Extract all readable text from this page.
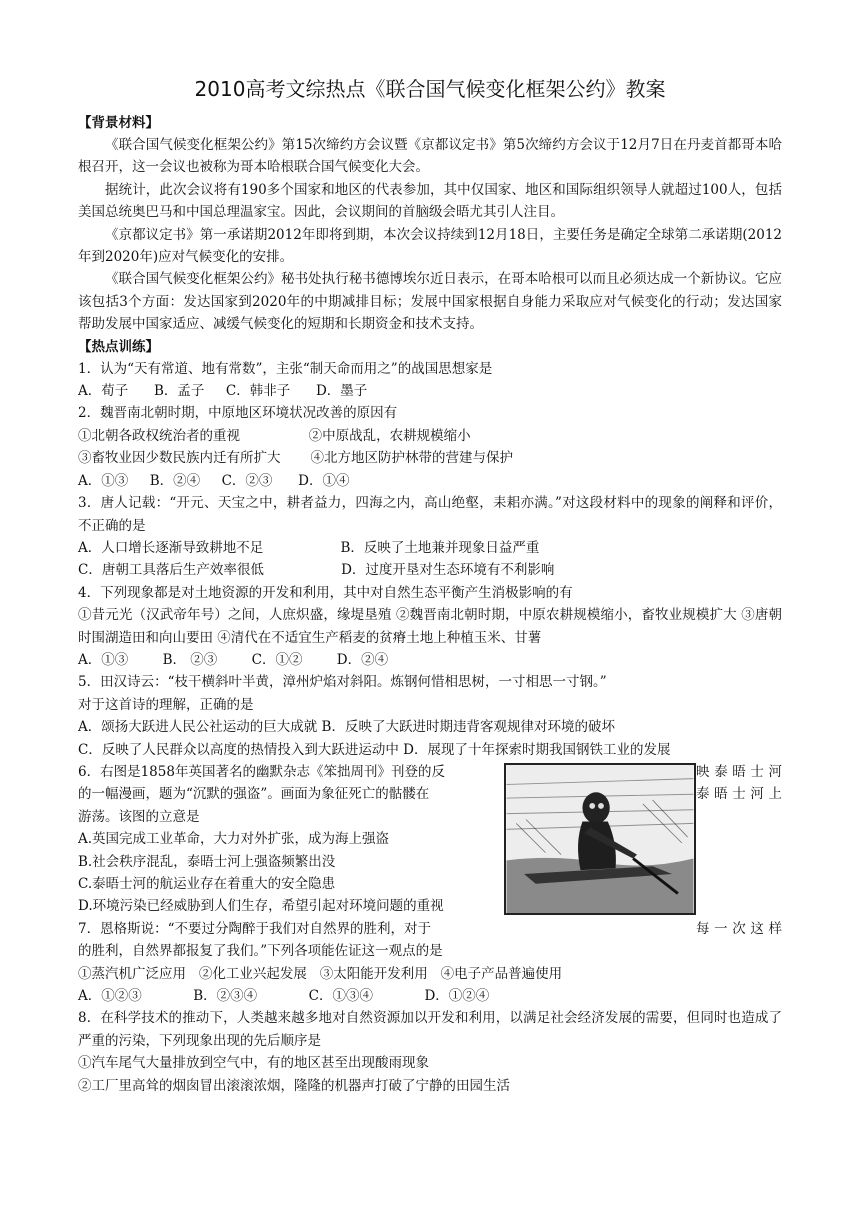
2010高考文综热点《联合国气候变化框架公约》教案
【背景材料】

《联合国气候变化框架公约》第15次缔约方会议暨《京都议定书》第5次缔约方会议于12月7日在丹麦首都哥本哈根召开，这一会议也被称为哥本哈根联合国气候变化大会。

据统计，此次会议将有190多个国家和地区的代表参加，其中仅国家、地区和国际组织领导人就超过100人，包括美国总统奥巴马和中国总理温家宝。因此，会议期间的首脑级会晤尤其引人注目。

《京都议定书》第一承诺期2012年即将到期，本次会议持续到12月18日，主要任务是确定全球第二承诺期(2012年到2020年)应对气候变化的安排。

《联合国气候变化框架公约》秘书处执行秘书德博埃尔近日表示，在哥本哈根可以而且必须达成一个新协议。它应该包括3个方面：发达国家到2020年的中期减排目标；发展中国家根据自身能力采取应对气候变化的行动；发达国家帮助发展中国家适应、减缓气候变化的短期和长期资金和技术支持。

【热点训练】

1．认为“天有常道、地有常数”，主张“制天命而用之”的战国思想家是

A．荀子      B．孟子     C．韩非子      D．墨子

2．魏晋南北朝时期，中原地区环境状况改善的原因有

①北朝各政权统治者的重视                ②中原战乱，农耕规模缩小
③畜牧业因少数民族内迁有所扩大       ④北方地区防护林带的营建与保护
A．①③     B．②④     C．②③      D．①④

3．唐人记载：“开元、天宝之中，耕者益力，四海之内，高山绝壑，耒耜亦满。”对这段材料中的现象的阐释和评价，不正确的是

A．人口增长逐渐导致耕地不足                  B．反映了土地兼并现象日益严重
C．唐朝工具落后生产效率很低                  D．过度开垦对生态环境有不利影响

4．下列现象都是对土地资源的开发和利用，其中对自然生态平衡产生消极影响的有

①昔元光（汉武帝年号）之间，人庶炽盛，缘堤垦殖 ②魏晋南北朝时期，中原农耕规模缩小，畜牧业规模扩大 ③唐朝时围湖造田和向山要田 ④清代在不适宜生产稻麦的贫瘠土地上种植玉米、甘薯

A．①③        B． ②③        C．①②        D．②④

5．田汉诗云：“枝干横斜叶半黄，漳州炉焰对斜阳。炼钢何惜相思树，一寸相思一寸钢。”

对于这首诗的理解，正确的是

A．颂扬大跃进人民公社运动的巨大成就 B．反映了大跃进时期违背客观规律对环境的破坏
C．反映了人民群众以高度的热情投入到大跃进运动中 D．展现了十年探索时期我国钢铁工业的发展
映泰晤士河
6．右图是1858年英国著名的幽默杂志《笨拙周刊》刊登的反
泰晤士河上
的一幅漫画，题为“沉默的强盗”。画面为象征死亡的骷髅在
游荡。该图的立意是
A.英国完成工业革命，大力对外扩张，成为海上强盗
B.社会秩序混乱，泰晤士河上强盗频繁出没
C.泰晤士河的航运业存在着重大的安全隐患
D.环境污染已经威胁到人们生存，希望引起对环境问题的重视
每一次这样
7．恩格斯说：“不要过分陶醉于我们对自然界的胜利，对于
的胜利，自然界都报复了我们。”下列各项能佐证这一观点的是
①蒸汽机广泛应用   ②化工业兴起发展   ③太阳能开发利用   ④电子产品普遍使用
A．①②③            B．②③④            C．①③④            D．①②④

8．在科学技术的推动下，人类越来越多地对自然资源加以开发和利用，以满足社会经济发展的需要，但同时也造成了严重的污染，下列现象出现的先后顺序是

①汽车尾气大量排放到空气中，有的地区甚至出现酸雨现象
②工厂里高耸的烟囱冒出滚滚浓烟，隆隆的机器声打破了宁静的田园生活
